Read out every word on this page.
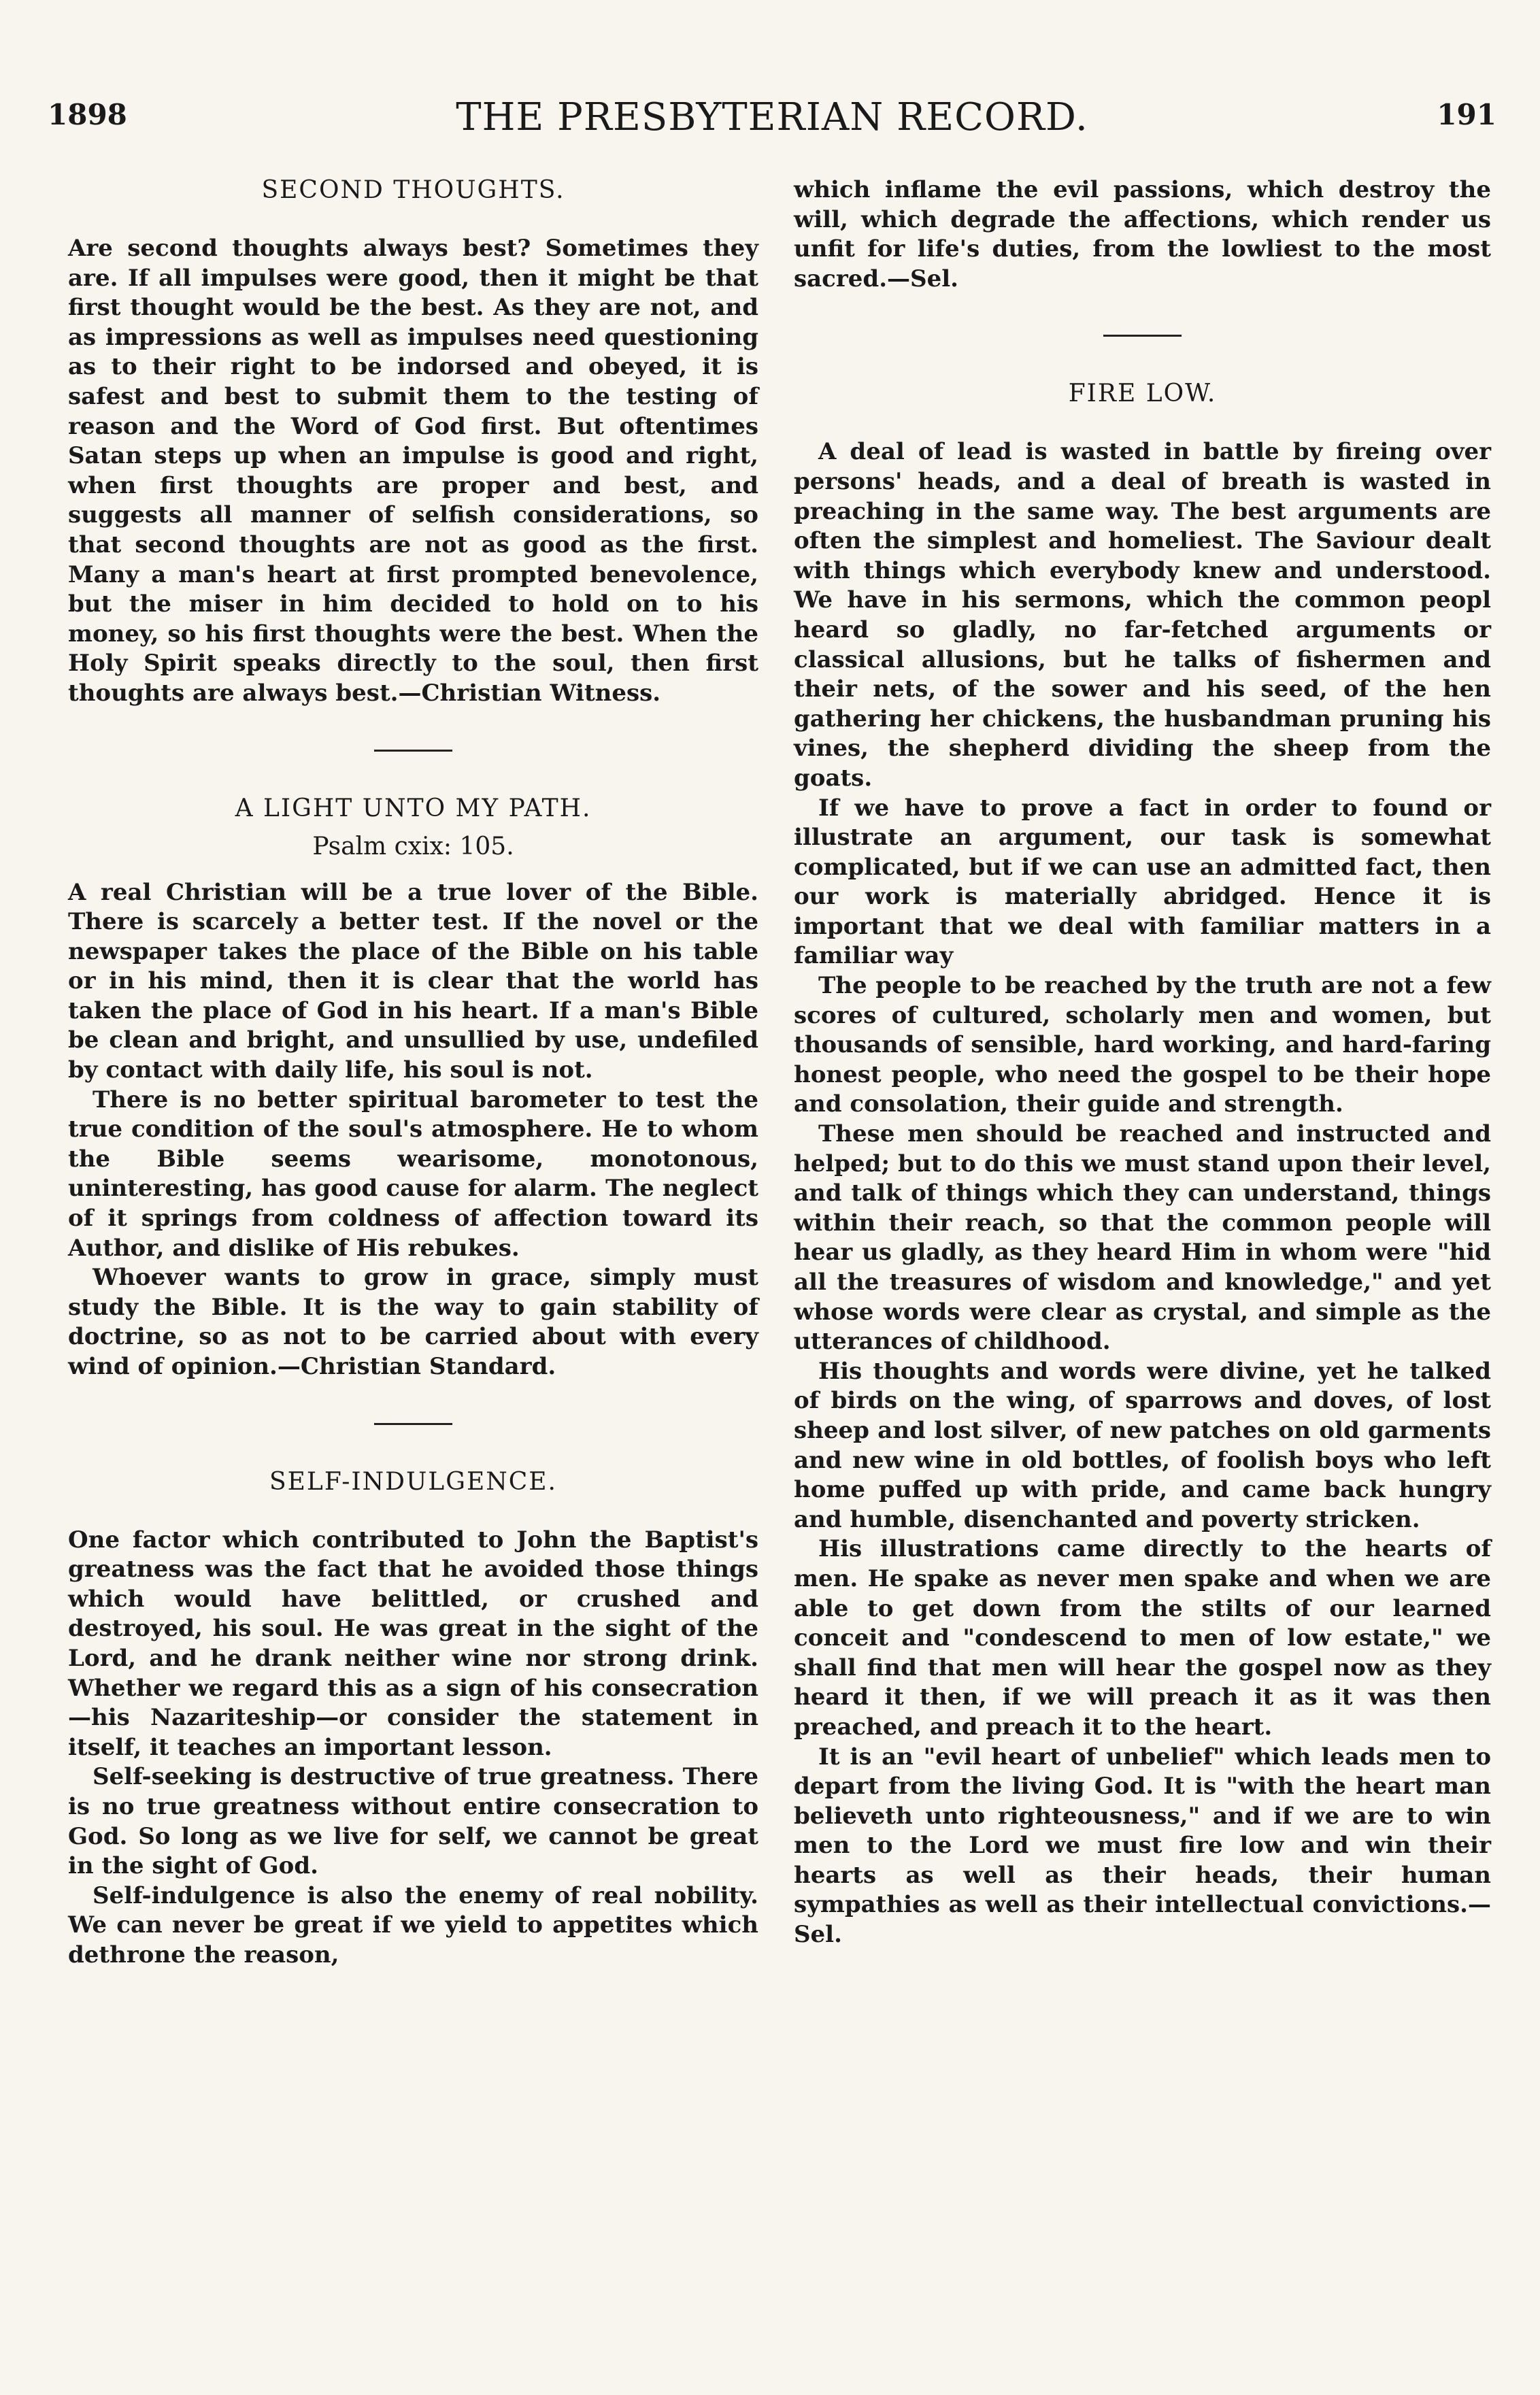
1898	THE PRESBYTERIAN RECORD.	191
SECOND THOUGHTS.

Are second thoughts always best? Sometimes they are. If all impulses were good, then it might be that first thought would be the best. As they are not, and as impressions as well as impulses need questioning as to their right to be indorsed and obeyed, it is safest and best to submit them to the testing of reason and the Word of God first. But oftentimes Satan steps up when an impulse is good and right, when first thoughts are proper and best, and suggests all manner of selfish considerations, so that second thoughts are not as good as the first. Many a man's heart at first prompted benevolence, but the miser in him decided to hold on to his money, so his first thoughts were the best. When the Holy Spirit speaks directly to the soul, then first thoughts are always best.—Christian Witness.

A LIGHT UNTO MY PATH.
Psalm cxix: 105.

A real Christian will be a true lover of the Bible. There is scarcely a better test. If the novel or the newspaper takes the place of the Bible on his table or in his mind, then it is clear that the world has taken the place of God in his heart. If a man's Bible be clean and bright, and unsullied by use, undefiled by contact with daily life, his soul is not.

There is no better spiritual barometer to test the true condition of the soul's atmosphere. He to whom the Bible seems wearisome, monotonous, uninteresting, has good cause for alarm. The neglect of it springs from coldness of affection toward its Author, and dislike of His rebukes.

Whoever wants to grow in grace, simply must study the Bible. It is the way to gain stability of doctrine, so as not to be carried about with every wind of opinion.—Christian Standard.

SELF-INDULGENCE.

One factor which contributed to John the Baptist's greatness was the fact that he avoided those things which would have belittled, or crushed and destroyed, his soul. He was great in the sight of the Lord, and he drank neither wine nor strong drink. Whether we regard this as a sign of his consecration—his Nazariteship—or consider the statement in itself, it teaches an important lesson.

Self-seeking is destructive of true greatness. There is no true greatness without entire consecration to God. So long as we live for self, we cannot be great in the sight of God.

Self-indulgence is also the enemy of real nobility. We can never be great if we yield to appetites which dethrone the reason,

which inflame the evil passions, which destroy the will, which degrade the affections, which render us unfit for life's duties, from the lowliest to the most sacred.—Sel.

FIRE LOW.

A deal of lead is wasted in battle by fireing over persons' heads, and a deal of breath is wasted in preaching in the same way. The best arguments are often the simplest and homeliest. The Saviour dealt with things which everybody knew and understood. We have in his sermons, which the common peopl heard so gladly, no far-fetched arguments or classical allusions, but he talks of fishermen and their nets, of the sower and his seed, of the hen gathering her chickens, the husbandman pruning his vines, the shepherd dividing the sheep from the goats.

If we have to prove a fact in order to found or illustrate an argument, our task is somewhat complicated, but if we can use an admitted fact, then our work is materially abridged. Hence it is important that we deal with familiar matters in a familiar way

The people to be reached by the truth are not a few scores of cultured, scholarly men and women, but thousands of sensible, hard working, and hard-faring honest people, who need the gospel to be their hope and consolation, their guide and strength.

These men should be reached and instructed and helped; but to do this we must stand upon their level, and talk of things which they can understand, things within their reach, so that the common people will hear us gladly, as they heard Him in whom were "hid all the treasures of wisdom and knowledge," and yet whose words were clear as crystal, and simple as the utterances of childhood.

His thoughts and words were divine, yet he talked of birds on the wing, of sparrows and doves, of lost sheep and lost silver, of new patches on old garments and new wine in old bottles, of foolish boys who left home puffed up with pride, and came back hungry and humble, disenchanted and poverty stricken.

His illustrations came directly to the hearts of men. He spake as never men spake and when we are able to get down from the stilts of our learned conceit and "condescend to men of low estate," we shall find that men will hear the gospel now as they heard it then, if we will preach it as it was then preached, and preach it to the heart.

It is an "evil heart of unbelief" which leads men to depart from the living God. It is "with the heart man believeth unto righteousness," and if we are to win men to the Lord we must fire low and win their hearts as well as their heads, their human sympathies as well as their intellectual convictions.—Sel.
